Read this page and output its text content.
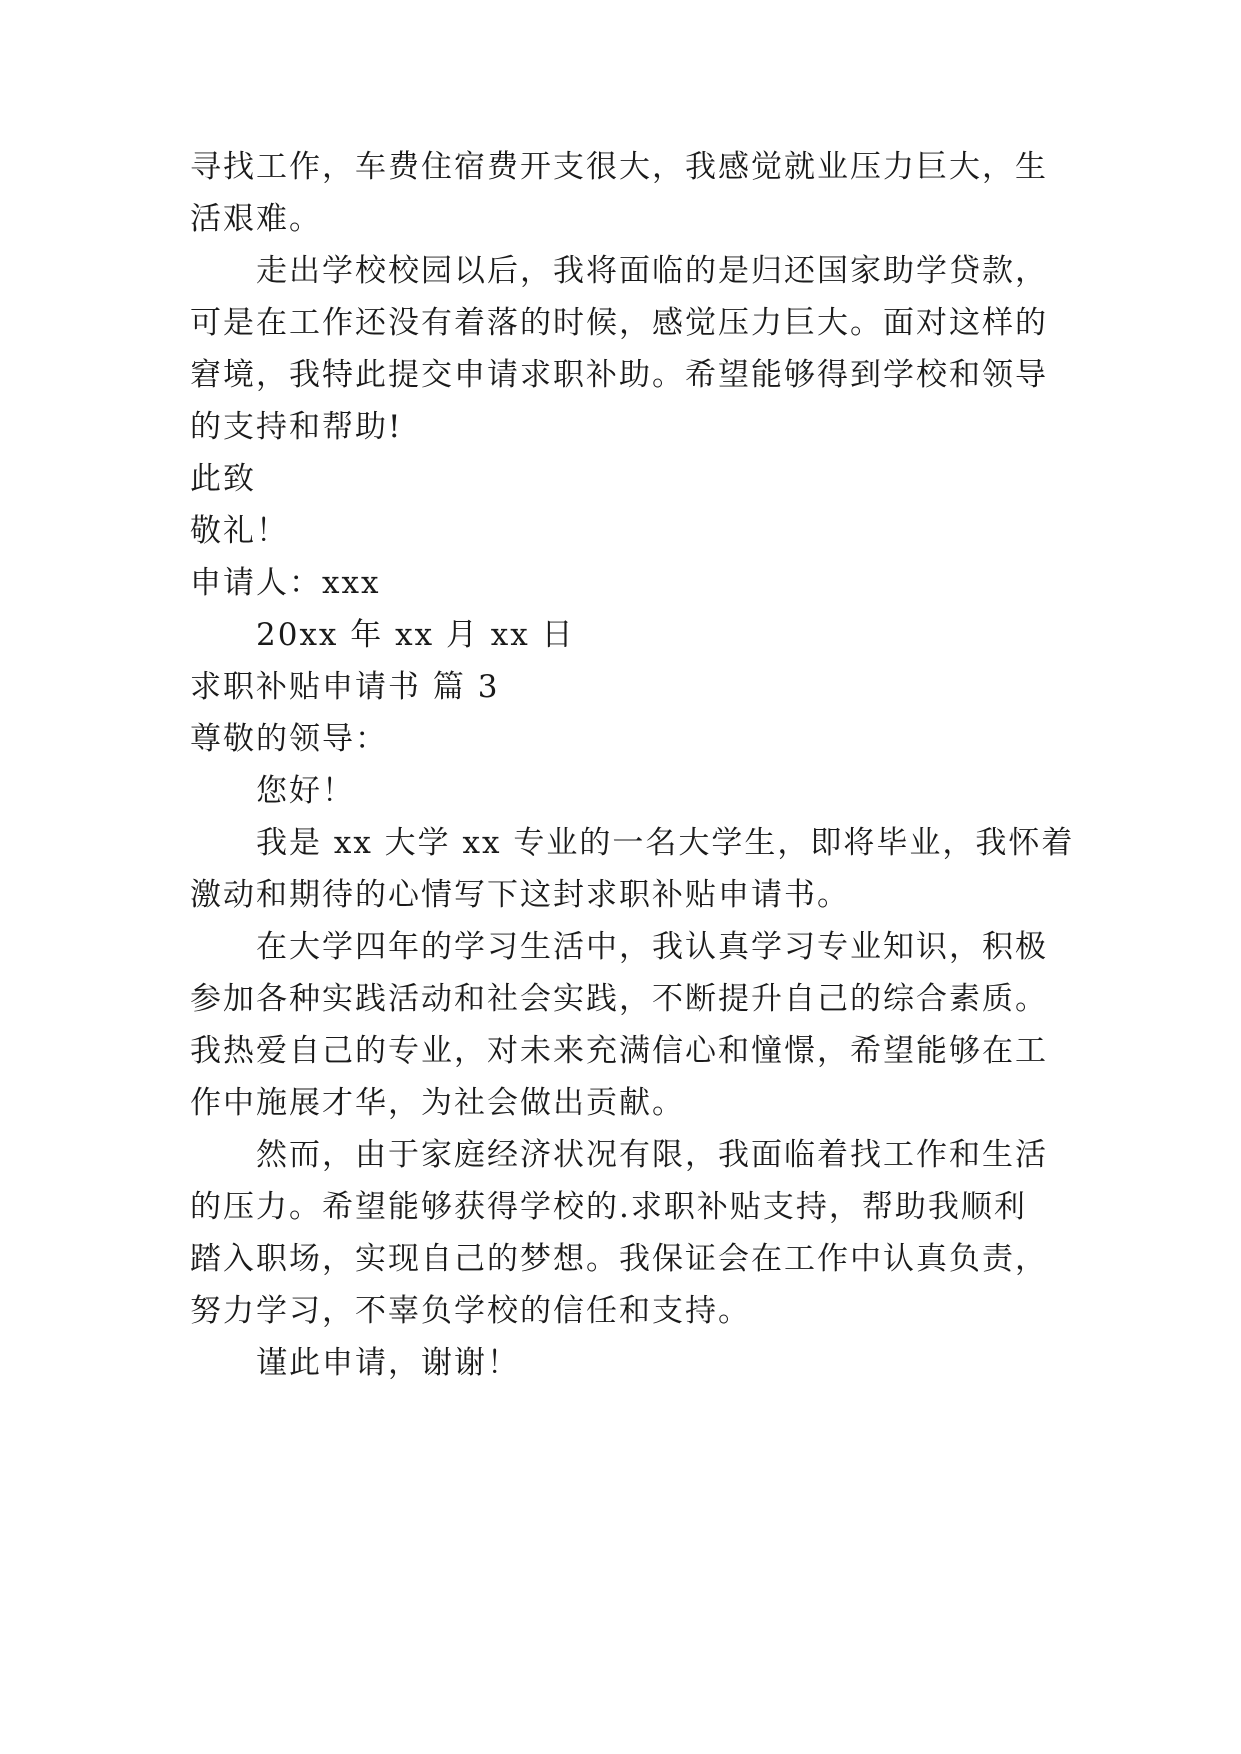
寻找工作，车费住宿费开支很大，我感觉就业压力巨大，生
活艰难。
走出学校校园以后，我将面临的是归还国家助学贷款，
可是在工作还没有着落的时候，感觉压力巨大。面对这样的
窘境，我特此提交申请求职补助。希望能够得到学校和领导
的支持和帮助!
此致
敬礼！
申请人：xxx
20xx 年 xx 月 xx 日
求职补贴申请书 篇 3
尊敬的领导：
您好！
我是 xx 大学 xx 专业的一名大学生，即将毕业，我怀着
激动和期待的心情写下这封求职补贴申请书。
在大学四年的学习生活中，我认真学习专业知识，积极
参加各种实践活动和社会实践，不断提升自己的综合素质。
我热爱自己的专业，对未来充满信心和憧憬，希望能够在工
作中施展才华，为社会做出贡献。
然而，由于家庭经济状况有限，我面临着找工作和生活
的压力。希望能够获得学校的.求职补贴支持，帮助我顺利
踏入职场，实现自己的梦想。我保证会在工作中认真负责，
努力学习，不辜负学校的信任和支持。
谨此申请，谢谢！
